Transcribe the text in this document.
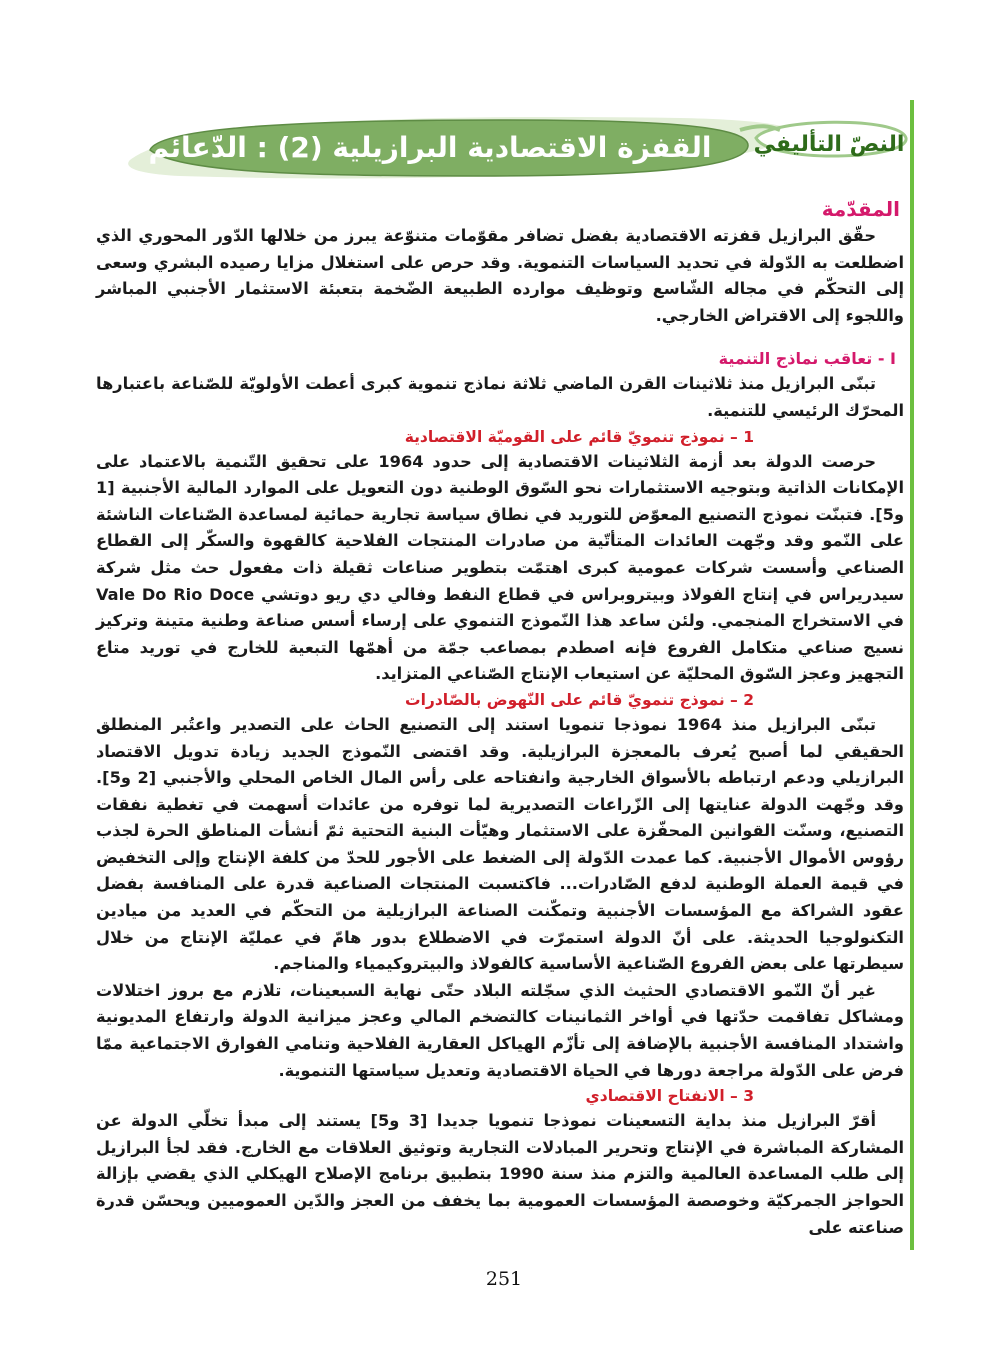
النصّ التأليفي
القفزة الاقتصادية البرازيلية (2) : الدّعائم
المقدّمة

حقّق البرازيل قفزته الاقتصادية بفضل تضافر مقوّمات متنوّعة يبرز من خلالها الدّور المحوري الذي اضطلعت به الدّولة في تحديد السياسات التنموية. وقد حرص على استغلال مزايا رصيده البشري وسعى إلى التحكّم في مجاله الشّاسع وتوظيف موارده الطبيعة الضّخمة بتعبئة الاستثمار الأجنبي المباشر واللجوء إلى الاقتراض الخارجي.

I - تعاقب نماذج التنمية

تبنّى البرازيل منذ ثلاثينات القرن الماضي ثلاثة نماذج تنموية كبرى أعطت الأولويّة للصّناعة باعتبارها المحرّك الرئيسي للتنمية.

1 – نموذج تنمويّ قائم على القوميّة الاقتصادية

حرصت الدولة بعد أزمة الثلاثينات الاقتصادية إلى حدود 1964 على تحقيق التّنمية بالاعتماد على الإمكانات الذاتية وبتوجيه الاستثمارات نحو السّوق الوطنية دون التعويل على الموارد المالية الأجنبية [1 و5]. فتبنّت نموذج التصنيع المعوّض للتوريد في نطاق سياسة تجارية حمائية لمساعدة الصّناعات الناشئة على النّمو وقد وجّهت العائدات المتأتّية من صادرات المنتجات الفلاحية كالقهوة والسكّر إلى القطاع الصناعي وأسست شركات عمومية كبرى اهتمّت بتطوير صناعات ثقيلة ذات مفعول حث مثل شركة سيدريراس في إنتاج الفولاذ وبيتروبراس في قطاع النفط وفالي دي ريو دوتشي Vale Do Rio Doce في الاستخراج المنجمي. ولئن ساعد هذا النّموذج التنموي على إرساء أسس صناعة وطنية متينة وتركيز نسيج صناعي متكامل الفروع فإنه اصطدم بمصاعب جمّة من أهمّها التبعية للخارج في توريد متاع التجهيز وعجز السّوق المحليّة عن استيعاب الإنتاج الصّناعي المتزايد.

2 – نموذج تنمويّ قائم على النّهوض بالصّادرات

تبنّى البرازيل منذ 1964 نموذجا تنمويا استند إلى التصنيع الحاث على التصدير واعتُبر المنطلق الحقيقي لما أصبح يُعرف بالمعجزة البرازيلية. وقد اقتضى النّموذج الجديد زيادة تدويل الاقتصاد البرازيلي ودعم ارتباطه بالأسواق الخارجية وانفتاحه على رأس المال الخاص المحلي والأجنبي [2 و5]. وقد وجّهت الدولة عنايتها إلى الزّراعات التصديرية لما توفره من عائدات أسهمت في تغطية نفقات التصنيع، وسنّت القوانين المحفّزة على الاستثمار وهيّأت البنية التحتية ثمّ أنشأت المناطق الحرة لجذب رؤوس الأموال الأجنبية. كما عمدت الدّولة إلى الضغط على الأجور للحدّ من كلفة الإنتاج وإلى التخفيض في قيمة العملة الوطنية لدفع الصّادرات... فاكتسبت المنتجات الصناعية قدرة على المنافسة بفضل عقود الشراكة مع المؤسسات الأجنبية وتمكّنت الصناعة البرازيلية من التحكّم في العديد من ميادين التكنولوجيا الحديثة. على أنّ الدولة استمرّت في الاضطلاع بدور هامّ في عمليّة الإنتاج من خلال سيطرتها على بعض الفروع الصّناعية الأساسية كالفولاذ والبيتروكيمياء والمناجم.

غير أنّ النّمو الاقتصادي الحثيث الذي سجّلته البلاد حتّى نهاية السبعينات، تلازم مع بروز اختلالات ومشاكل تفاقمت حدّتها في أواخر الثمانينات كالتضخم المالي وعجز ميزانية الدولة وارتفاع المديونية واشتداد المنافسة الأجنبية بالإضافة إلى تأزّم الهياكل العقارية الفلاحية وتنامي الفوارق الاجتماعية ممّا فرض على الدّولة مراجعة دورها في الحياة الاقتصادية وتعديل سياستها التنموية.

3 – الانفتاح الاقتصادي

أقرّ البرازيل منذ بداية التسعينات نموذجا تنمويا جديدا [3 و5] يستند إلى مبدأ تخلّي الدولة عن المشاركة المباشرة في الإنتاج وتحرير المبادلات التجارية وتوثيق العلاقات مع الخارج. فقد لجأ البرازيل إلى طلب المساعدة العالمية والتزم منذ سنة 1990 بتطبيق برنامج الإصلاح الهيكلي الذي يقضي بإزالة الحواجز الجمركيّة وخوصصة المؤسسات العمومية بما يخفف من العجز والدّين العموميين ويحسّن قدرة صناعته على

251
